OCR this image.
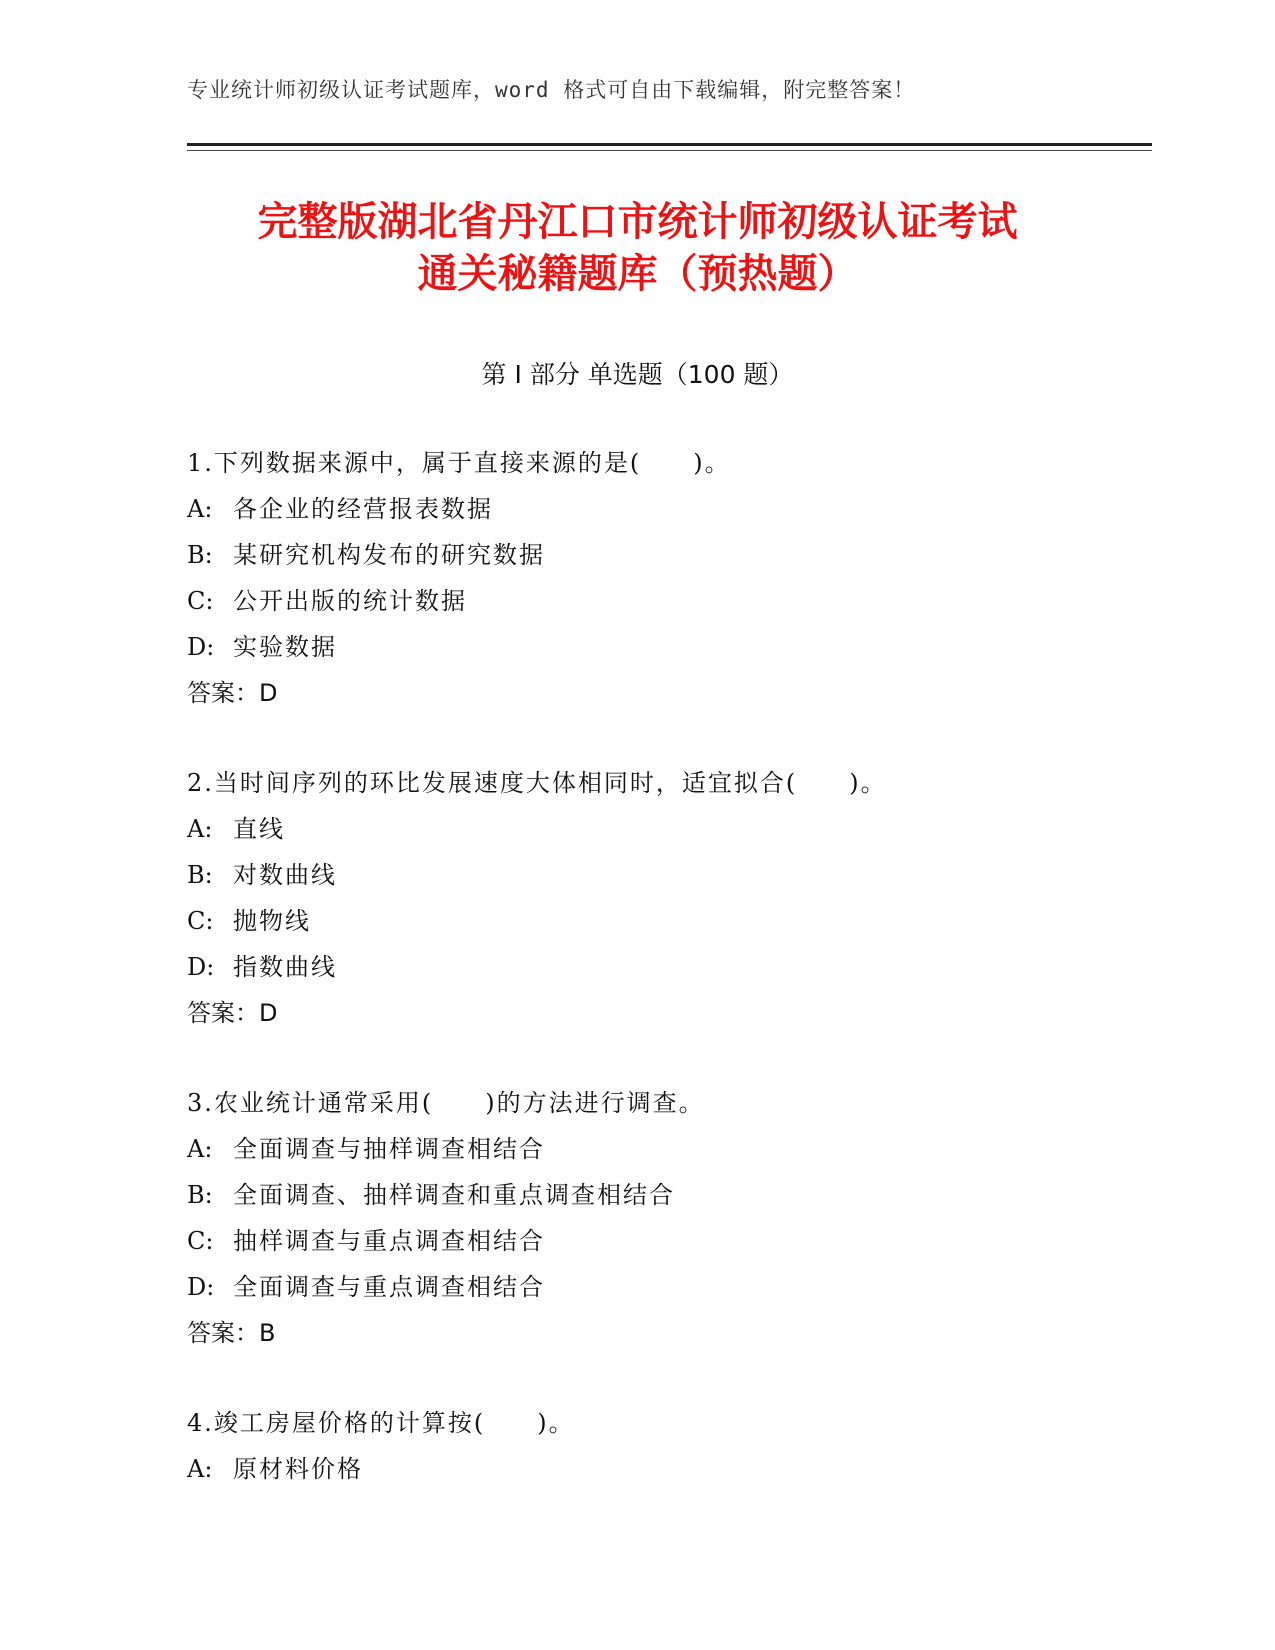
专业统计师初级认证考试题库，word 格式可自由下载编辑，附完整答案！
完整版湖北省丹江口市统计师初级认证考试
通关秘籍题库（预热题）
第 I 部分 单选题（100 题）
1.下列数据来源中，属于直接来源的是(　　)。
A: 各企业的经营报表数据
B: 某研究机构发布的研究数据
C: 公开出版的统计数据
D: 实验数据
答案：D
2.当时间序列的环比发展速度大体相同时，适宜拟合(　　)。
A: 直线
B: 对数曲线
C: 抛物线
D: 指数曲线
答案：D
3.农业统计通常采用(　　)的方法进行调查。
A: 全面调查与抽样调查相结合
B: 全面调查、抽样调查和重点调查相结合
C: 抽样调查与重点调查相结合
D: 全面调查与重点调查相结合
答案：B
4.竣工房屋价格的计算按(　　)。
A: 原材料价格
